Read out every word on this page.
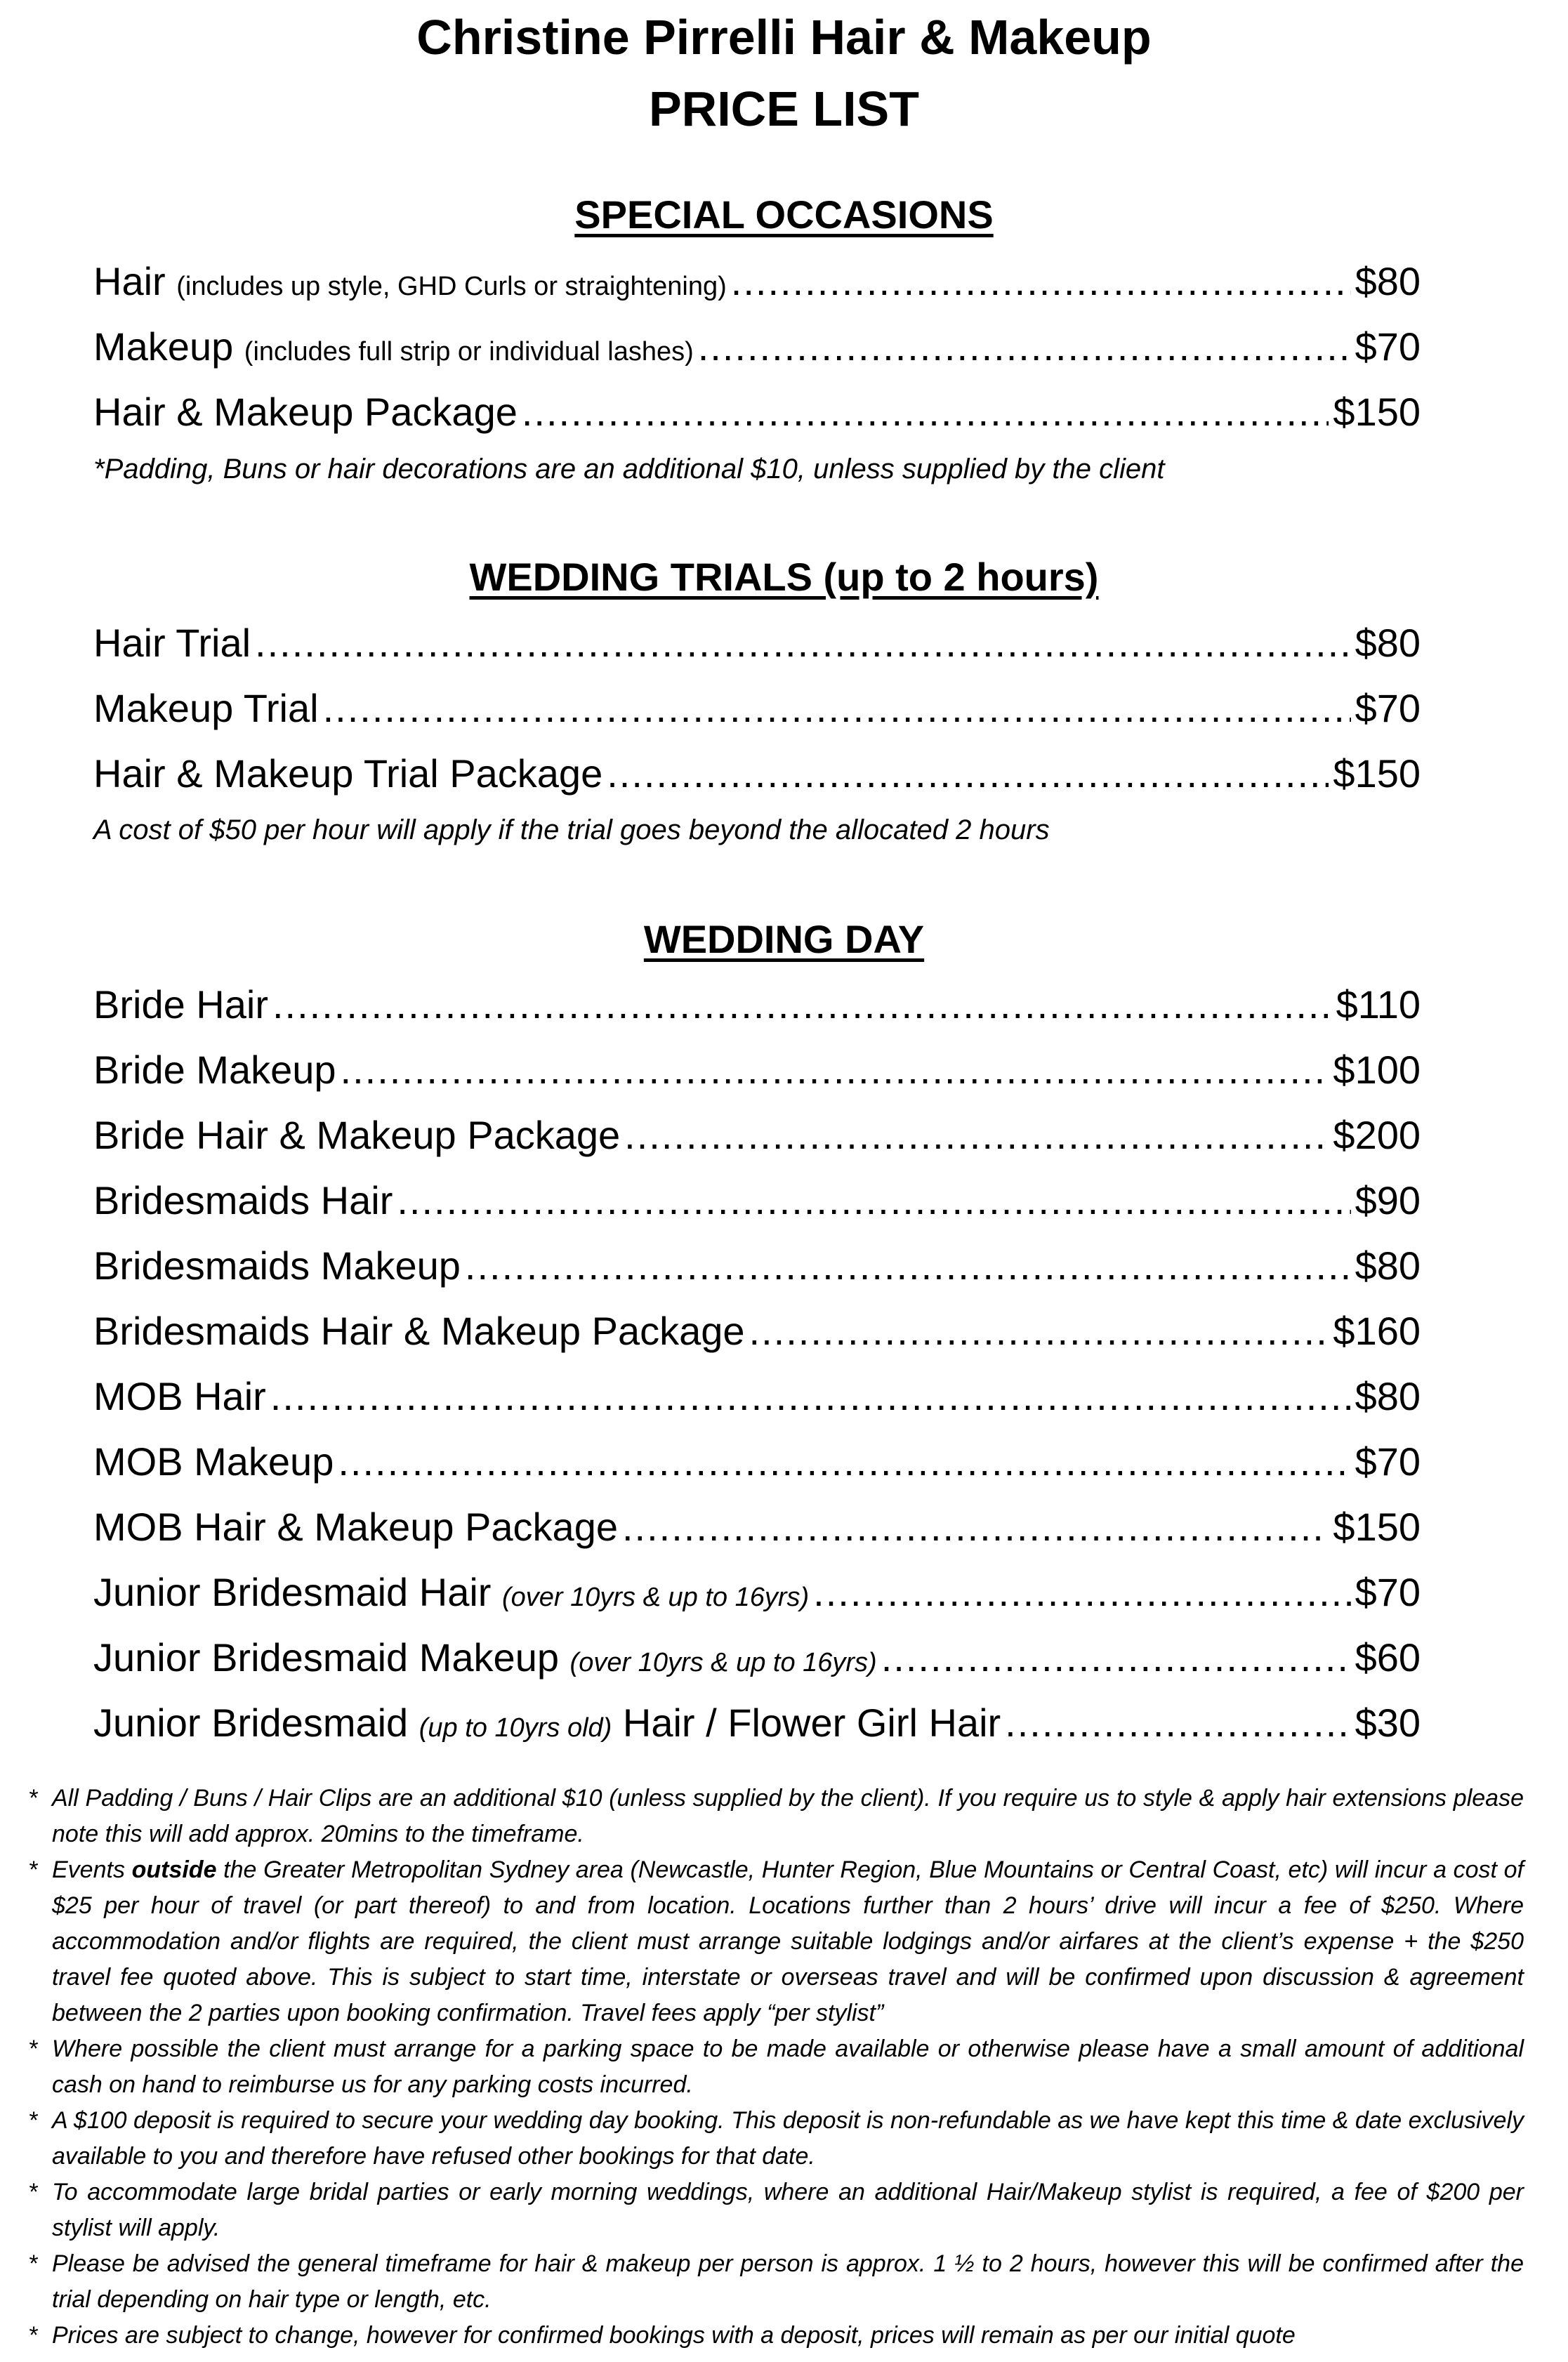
Christine Pirrelli Hair & Makeup
PRICE LIST
SPECIAL OCCASIONS
Hair
(includes up style, GHD Curls or straightening) .....	$80
Makeup
(includes full strip or individual lashes) .....	$70
Hair & Makeup Package .....	$150
*Padding, Buns or hair decorations are an additional $10, unless supplied by the client
WEDDING TRIALS (up to 2 hours)
Hair Trial .....	$80
Makeup Trial .....	$70
Hair & Makeup Trial Package .....	$150
A cost of $50 per hour will apply if the trial goes beyond the allocated 2 hours
WEDDING DAY
Bride Hair .....	$110
Bride Makeup .....	$100
Bride Hair & Makeup Package .....	$200
Bridesmaids Hair .....	$90
Bridesmaids Makeup .....	$80
Bridesmaids Hair & Makeup Package .....	$160
MOB Hair .....	$80
MOB Makeup .....	$70
MOB Hair & Makeup Package .....	$150
Junior Bridesmaid Hair
(over 10yrs & up to 16yrs) .....	$70
Junior Bridesmaid Makeup
(over 10yrs & up to 16yrs) .....	$60
Junior Bridesmaid
(up to 10yrs old)
Hair / Flower Girl Hair .....	$30
* All Padding / Buns / Hair Clips are an additional $10 (unless supplied by the client). If you require us to style & apply hair extensions please note this will add approx. 20mins to the timeframe.
* Events outside the Greater Metropolitan Sydney area (Newcastle, Hunter Region, Blue Mountains or Central Coast, etc) will incur a cost of $25 per hour of travel (or part thereof) to and from location. Locations further than 2 hours’ drive will incur a fee of $250. Where accommodation and/or flights are required, the client must arrange suitable lodgings and/or airfares at the client’s expense + the $250 travel fee quoted above. This is subject to start time, interstate or overseas travel and will be confirmed upon discussion & agreement between the 2 parties upon booking confirmation. Travel fees apply “per stylist”
* Where possible the client must arrange for a parking space to be made available or otherwise please have a small amount of additional cash on hand to reimburse us for any parking costs incurred.
* A $100 deposit is required to secure your wedding day booking. This deposit is non-refundable as we have kept this time & date exclusively available to you and therefore have refused other bookings for that date.
* To accommodate large bridal parties or early morning weddings, where an additional Hair/Makeup stylist is required, a fee of $200 per stylist will apply.
* Please be advised the general timeframe for hair & makeup per person is approx. 1 ½ to 2 hours, however this will be confirmed after the trial depending on hair type or length, etc.
* Prices are subject to change, however for confirmed bookings with a deposit, prices will remain as per our initial quote
